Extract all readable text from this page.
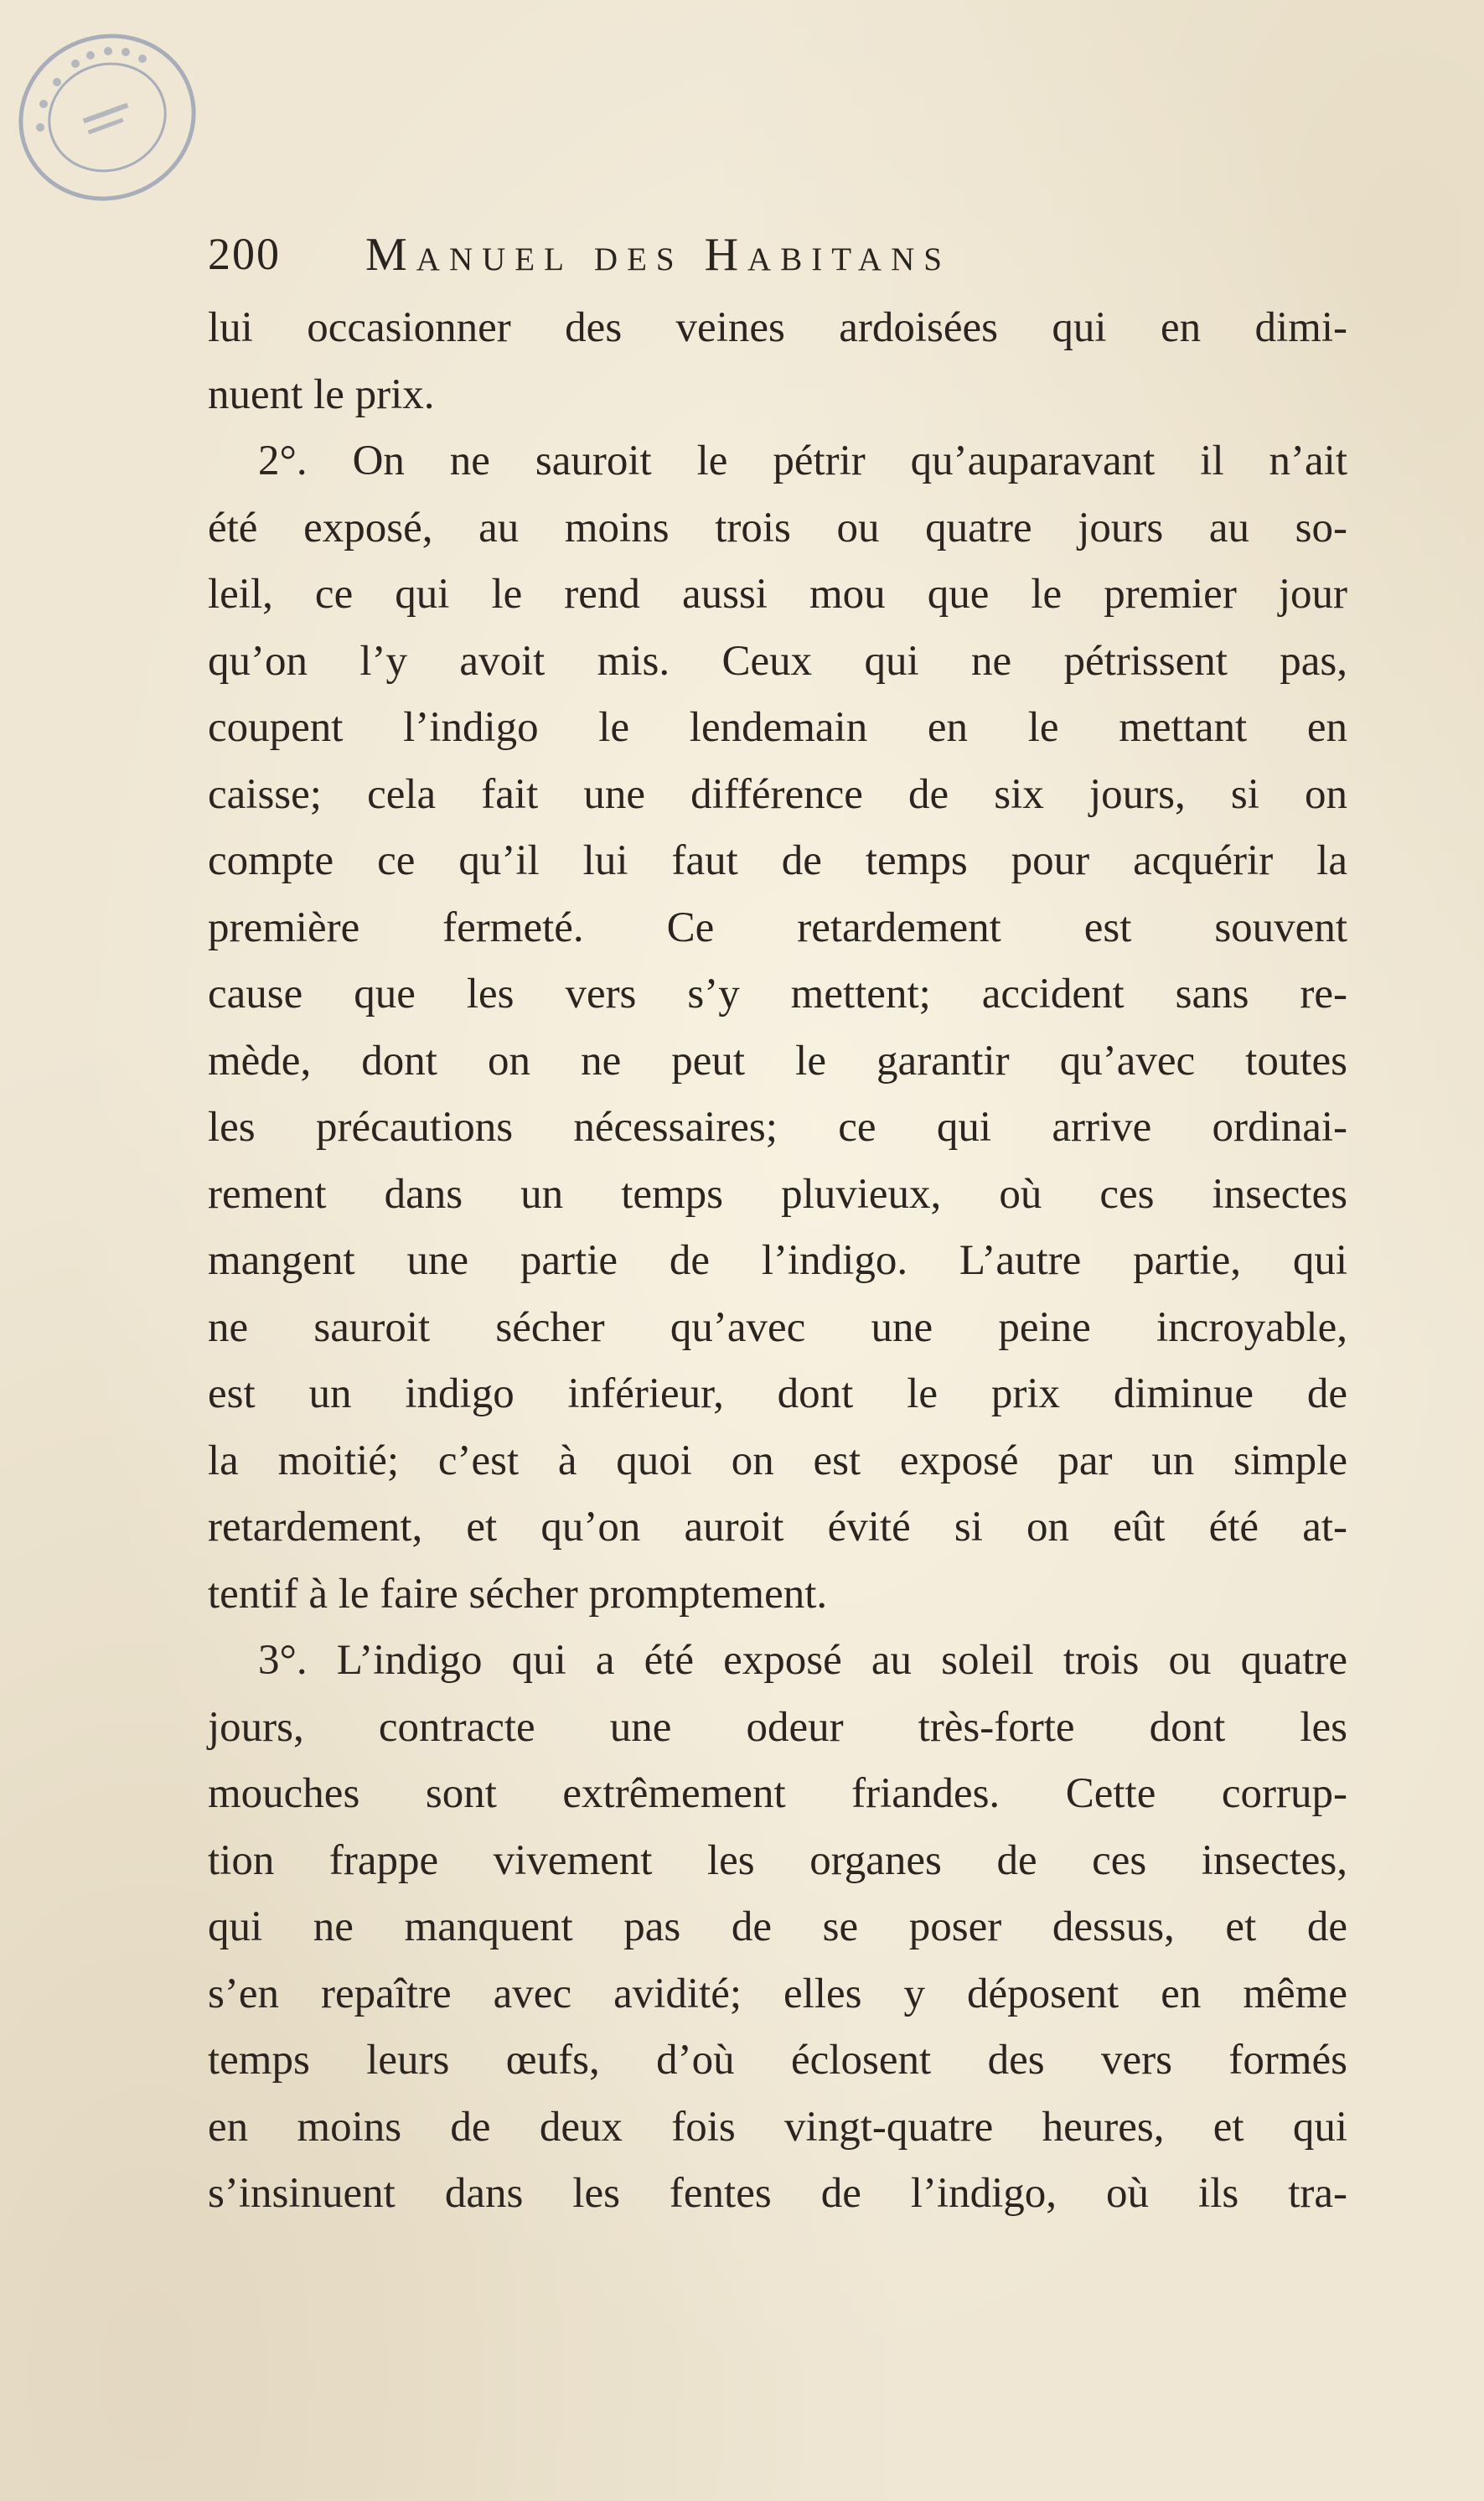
200 Manuel des Habitans
lui occasionner des veines ardoisées qui en dimi-
nuent le prix.
2°. On ne sauroit le pétrir qu’auparavant il n’ait
été exposé, au moins trois ou quatre jours au so-
leil, ce qui le rend aussi mou que le premier jour
qu’on l’y avoit mis. Ceux qui ne pétrissent pas,
coupent l’indigo le lendemain en le mettant en
caisse; cela fait une différence de six jours, si on
compte ce qu’il lui faut de temps pour acquérir la
première fermeté. Ce retardement est souvent
cause que les vers s’y mettent; accident sans re-
mède, dont on ne peut le garantir qu’avec toutes
les précautions nécessaires; ce qui arrive ordinai-
rement dans un temps pluvieux, où ces insectes
mangent une partie de l’indigo. L’autre partie, qui
ne sauroit sécher qu’avec une peine incroyable,
est un indigo inférieur, dont le prix diminue de
la moitié; c’est à quoi on est exposé par un simple
retardement, et qu’on auroit évité si on eût été at-
tentif à le faire sécher promptement.
3°. L’indigo qui a été exposé au soleil trois ou quatre
jours, contracte une odeur très-forte dont les
mouches sont extrêmement friandes. Cette corrup-
tion frappe vivement les organes de ces insectes,
qui ne manquent pas de se poser dessus, et de
s’en repaître avec avidité; elles y déposent en même
temps leurs œufs, d’où éclosent des vers formés
en moins de deux fois vingt-quatre heures, et qui
s’insinuent dans les fentes de l’indigo, où ils tra-
